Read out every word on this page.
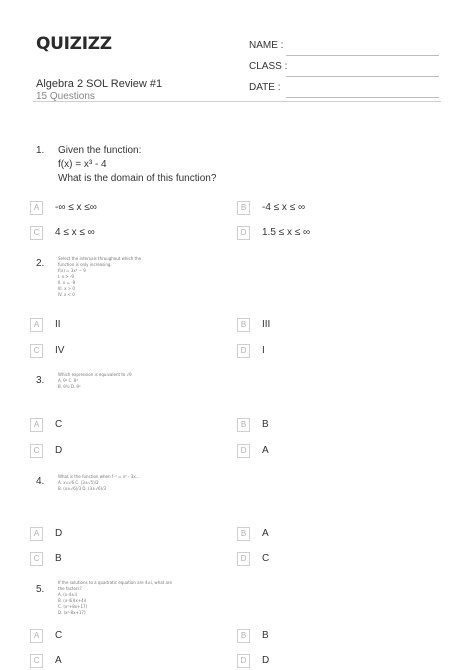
QUIZIZZ
Algebra 2 SOL Review #1
15 Questions
NAME :
CLASS :
DATE :
1. Given the function:
f(x) = x³ - 4
What is the domain of this function?
A	-∞ ≤ x ≤∞	B	-4 ≤ x ≤ ∞
C	4 ≤ x ≤ ∞	D	1.5 ≤ x ≤ ∞
2.	Select the intervals throughout which the
function is only increasing.
f(x) = 3x² − 9
I. x > -9
II. x = -9
III. x > 0
IV. x < 0
A	II	B	III
C	IV	D	I
3.
Which expression is equivalent to √θ
A. θ² C. θ³
B. θ½ D. θ²
A	C	B	B
C	D	D	A
4.	What is the function when f⁻¹ = x² - 3x...
A. x=√6 C. (3±√5)/2
B. (x±√6)/3 D. (3±√6)/3
A	D	B	A
C	B	D	C
5.
If the solutions to a quadratic equation are 4±i, what are
the factors?
A. (x-4±i)
B. (x-4i)(x+4i)
C. (x²+8x+17)
D. (x²-8x+17)
A	C	B	B
C	A	D	D
